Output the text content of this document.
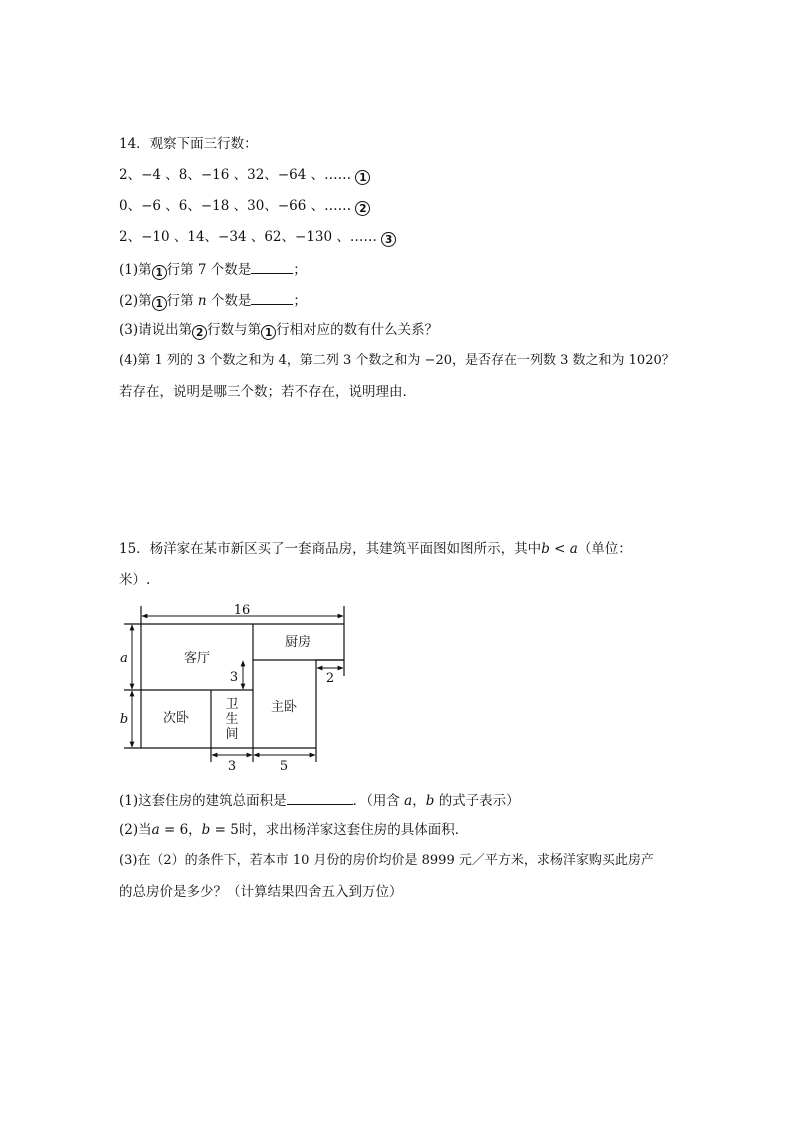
14．观察下面三行数：
2、−4 、8、−16 、32、−64 、…… 1
0、−6 、6、−18 、30、−66 、…… 2
2、−10 、14、−34 、62、−130 、…… 3
(1)第 1 行第 7 个数是	；
(2)第 1 行第 n 个数是	；
(3)请说出第 2 行数与第 1 行相对应的数有什么关系？
(4)第 1 列的 3 个数之和为 4，第二列 3 个数之和为 −20，是否存在一列数 3 数之和为 1020？
若存在，说明是哪三个数；若不存在，说明理由．
15．杨洋家在某市新区买了一套商品房，其建筑平面图如图所示，其中b < a（单位：
米）.
16
a
b
3	2
3	5
客厅
厨房
次卧
卫
生
间
主卧
(1)这套住房的建筑总面积是	．（用含 a，b 的式子表示）
(2)当a = 6，b = 5时，求出杨洋家这套住房的具体面积．
(3)在（2）的条件下，若本市 10 月份的房价均价是 8999 元／平方米，求杨洋家购买此房产
的总房价是多少？（计算结果四舍五入到万位）
